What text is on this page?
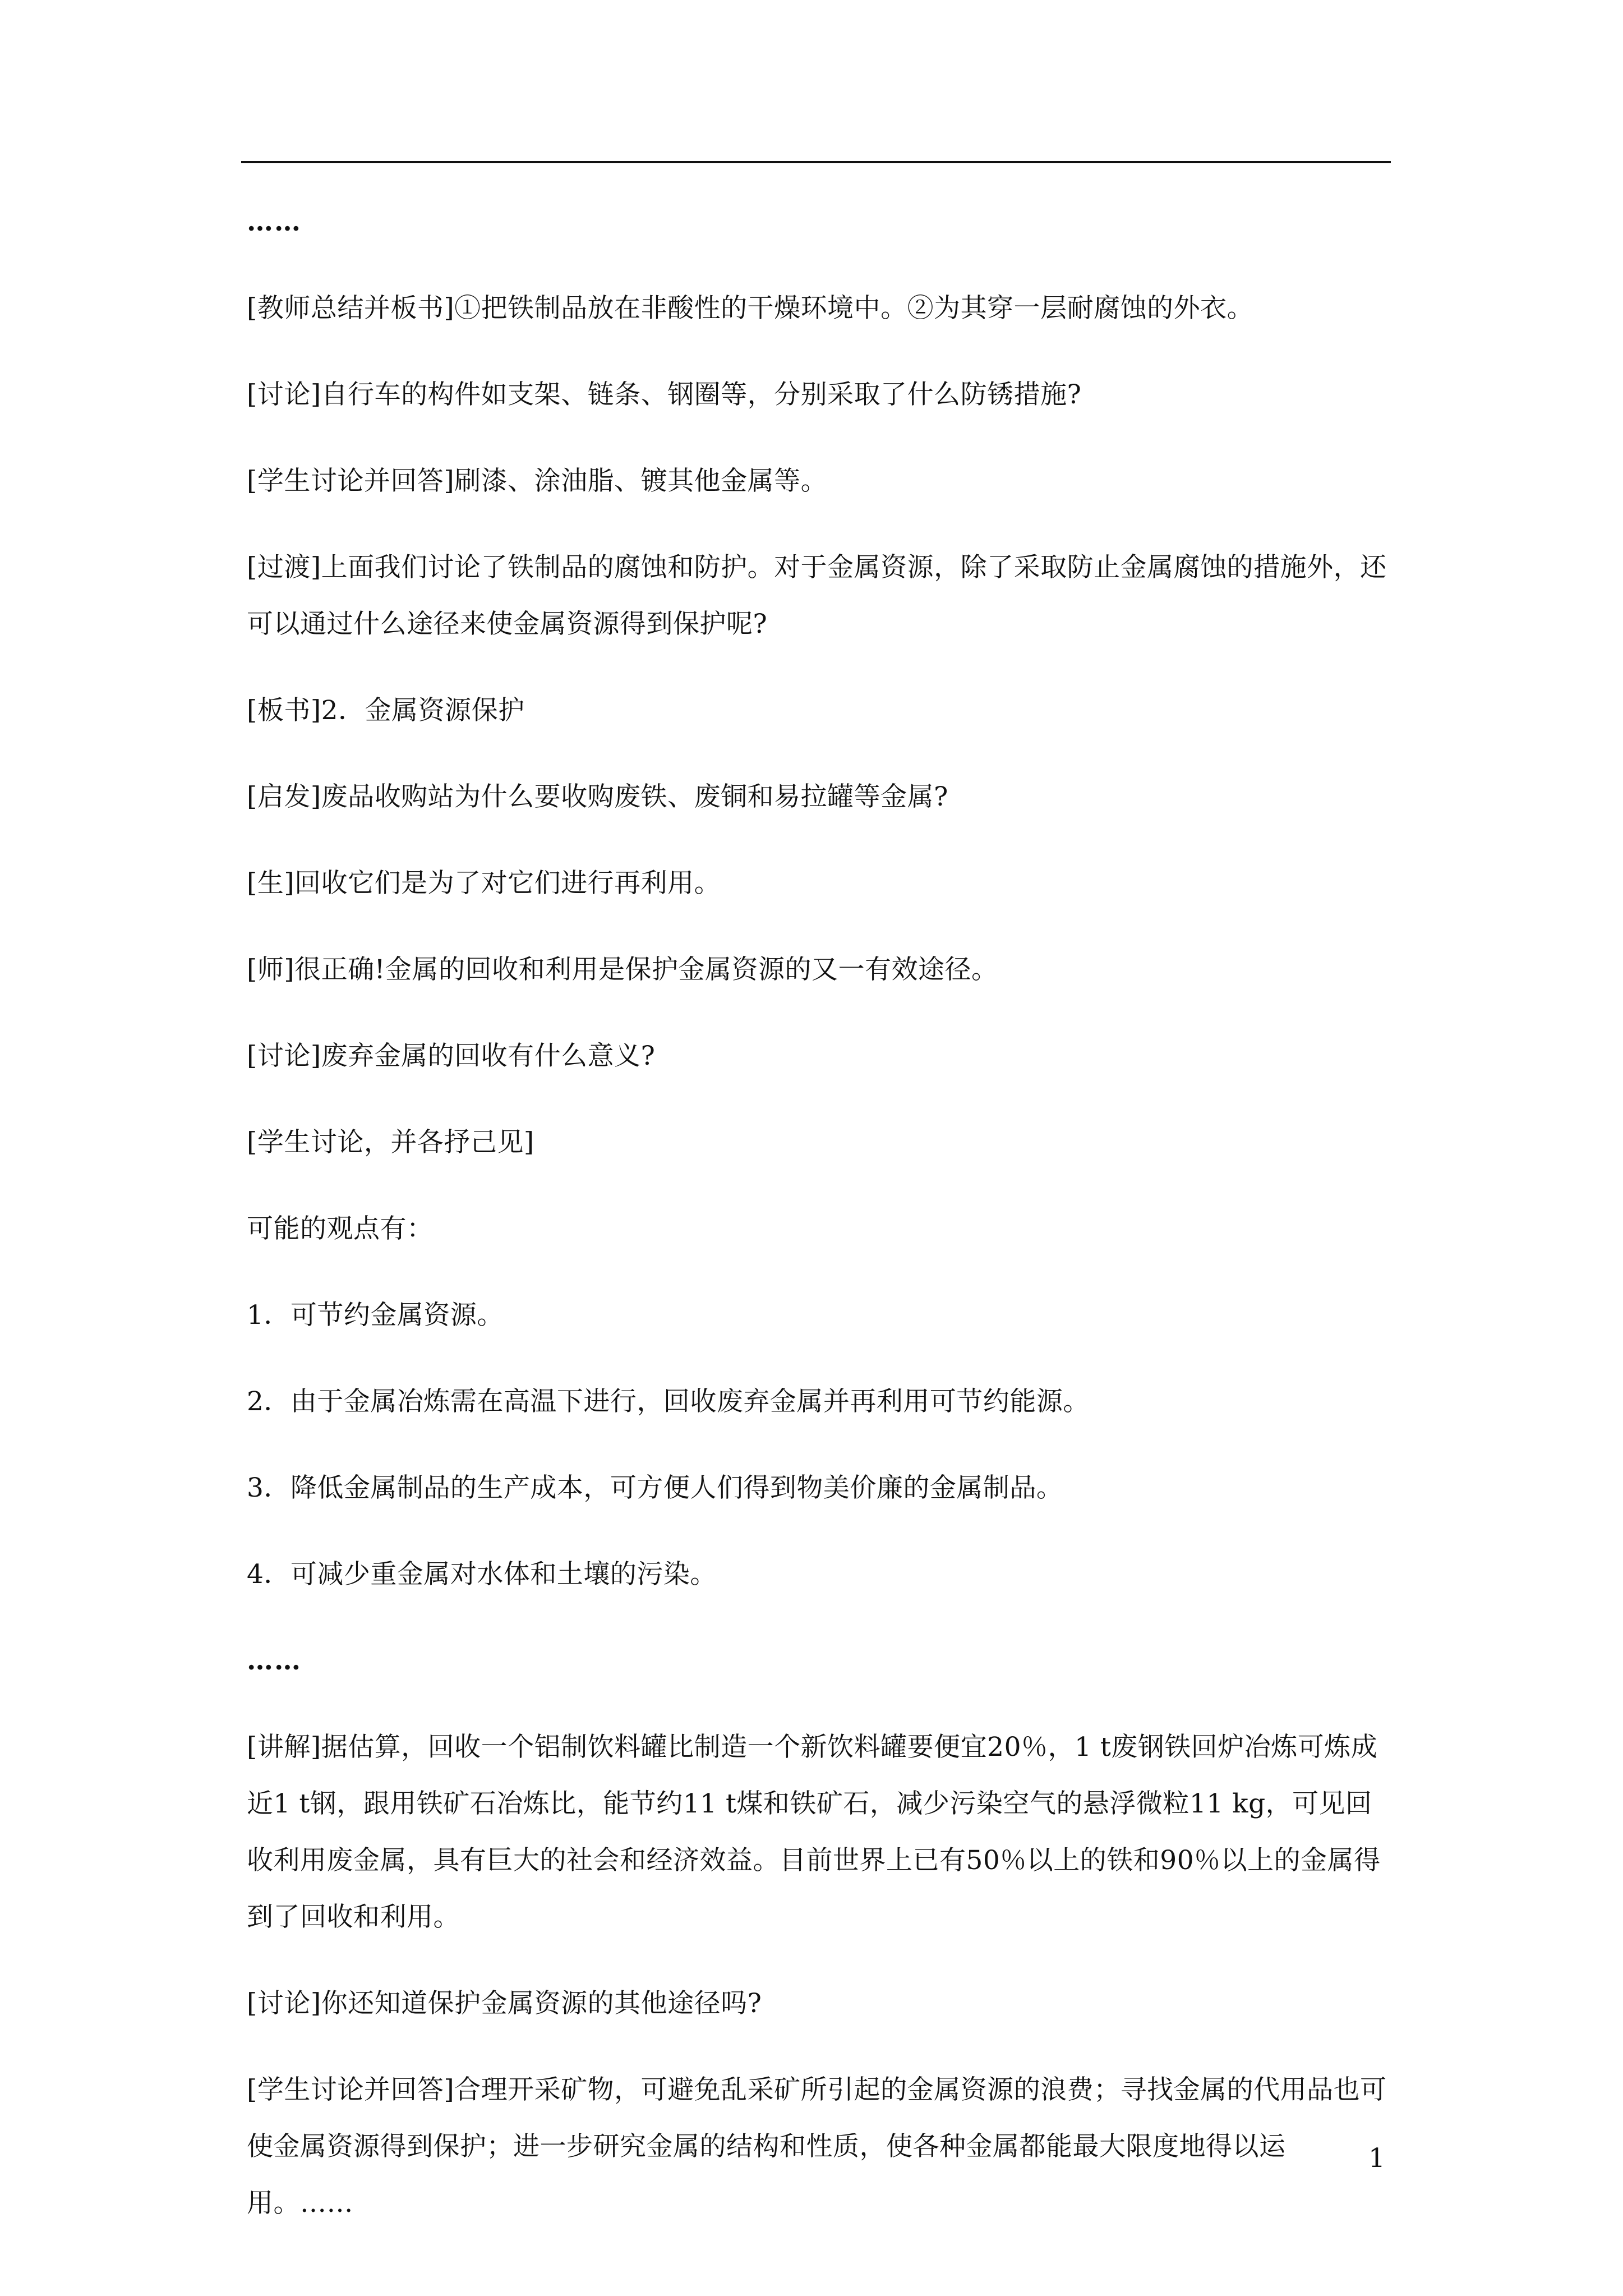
……

[教师总结并板书]①把铁制品放在非酸性的干燥环境中。②为其穿一层耐腐蚀的外衣。

[讨论]自行车的构件如支架、链条、钢圈等，分别采取了什么防锈措施?

[学生讨论并回答]刷漆、涂油脂、镀其他金属等。

[过渡]上面我们讨论了铁制品的腐蚀和防护。对于金属资源，除了采取防止金属腐蚀的措施外，还可以通过什么途径来使金属资源得到保护呢?

[板书]2．金属资源保护

[启发]废品收购站为什么要收购废铁、废铜和易拉罐等金属?

[生]回收它们是为了对它们进行再利用。

[师]很正确!金属的回收和利用是保护金属资源的又一有效途径。

[讨论]废弃金属的回收有什么意义?

[学生讨论，并各抒己见]

可能的观点有：

1．可节约金属资源。

2．由于金属冶炼需在高温下进行，回收废弃金属并再利用可节约能源。

3．降低金属制品的生产成本，可方便人们得到物美价廉的金属制品。

4．可减少重金属对水体和土壤的污染。

……

[讲解]据估算，回收一个铝制饮料罐比制造一个新饮料罐要便宜20％，1 t废钢铁回炉冶炼可炼成近1 t钢，跟用铁矿石冶炼比，能节约11 t煤和铁矿石，减少污染空气的悬浮微粒11 kg，可见回收利用废金属，具有巨大的社会和经济效益。目前世界上已有50％以上的铁和90％以上的金属得到了回收和利用。

[讨论]你还知道保护金属资源的其他途径吗?

[学生讨论并回答]合理开采矿物，可避免乱采矿所引起的金属资源的浪费；寻找金属的代用品也可使金属资源得到保护；进一步研究金属的结构和性质，使各种金属都能最大限度地得以运用。……

1
